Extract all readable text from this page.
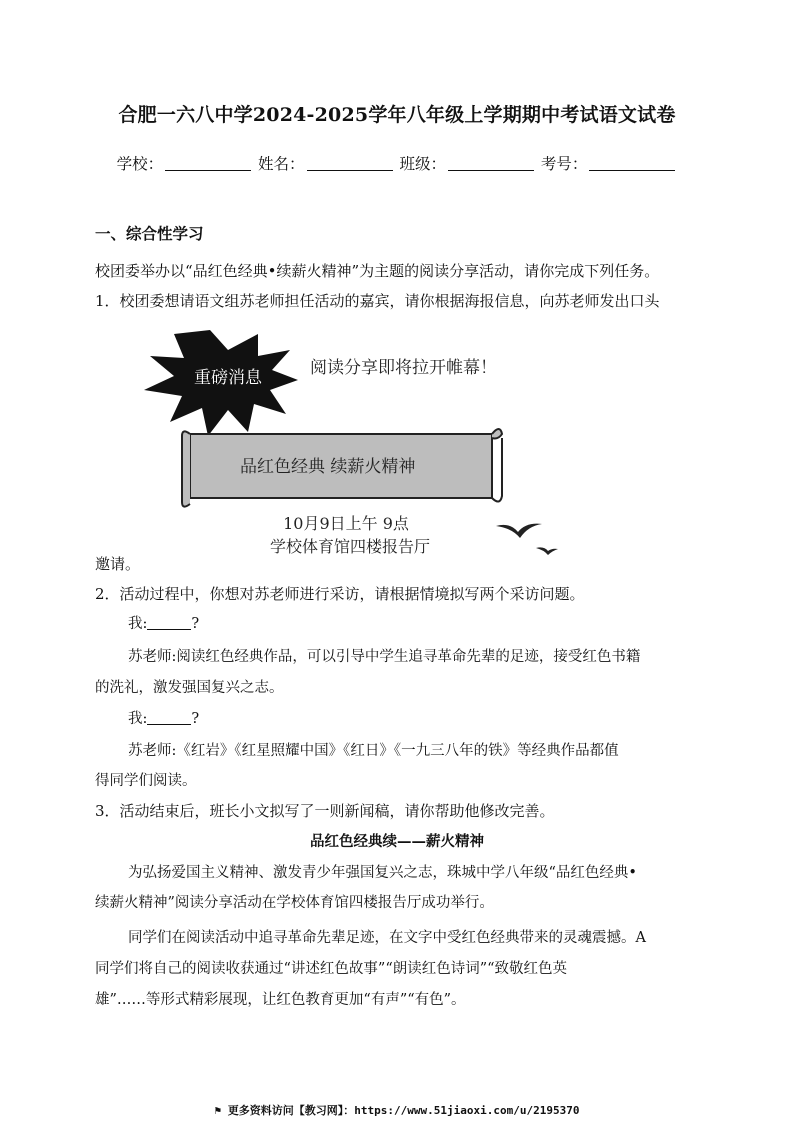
合肥一六八中学2024-2025学年八年级上学期期中考试语文试卷
学校：	姓名：	班级：	考号：
一、综合性学习
校团委举办以“品红色经典•续薪火精神”为主题的阅读分享活动，请你完成下列任务。
1．校团委想请语文组苏老师担任活动的嘉宾，请你根据海报信息，向苏老师发出口头
重磅消息	阅读分享即将拉开帷幕！
品红色经典 续薪火精神
10月9日上午 9点
学校体育馆四楼报告厅
邀请。
2．活动过程中，你想对苏老师进行采访，请根据情境拟写两个采访问题。
我:	?
苏老师:阅读红色经典作品，可以引导中学生追寻革命先辈的足迹，接受红色书籍
的洗礼，激发强国复兴之志。
我:	?
苏老师:《红岩》《红星照耀中国》《红日》《一九三八年的铁》等经典作品都值
得同学们阅读。
3．活动结束后，班长小文拟写了一则新闻稿，请你帮助他修改完善。
品红色经典续——薪火精神
为弘扬爱国主义精神、激发青少年强国复兴之志，珠城中学八年级“品红色经典•
续薪火精神”阅读分享活动在学校体育馆四楼报告厅成功举行。
同学们在阅读活动中追寻革命先辈足迹，在文字中受红色经典带来的灵魂震撼。A
同学们将自己的阅读收获通过“讲述红色故事”“朗读红色诗词”“致敬红色英
雄”……等形式精彩展现，让红色教育更加“有声”“有色”。
⚑ 更多资料访问【教习网】：https://www.51jiaoxi.com/u/2195370
